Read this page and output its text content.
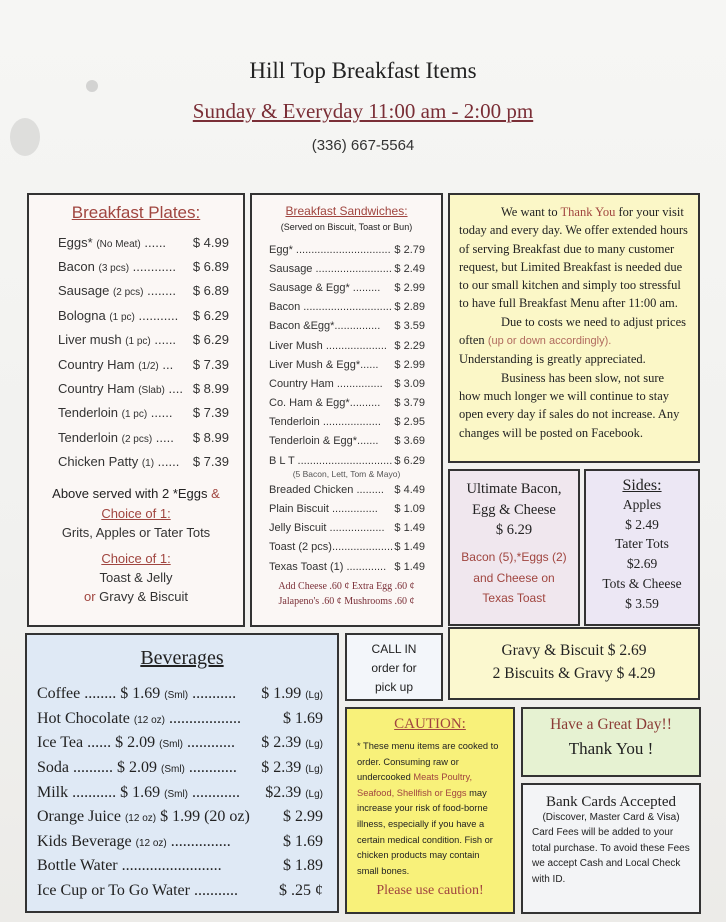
Hill Top Breakfast Items
Sunday & Everyday 11:00 am - 2:00 pm
(336) 667-5564
Breakfast Plates:
Eggs* (No Meat) ...... $ 4.99
Bacon (3 pcs) ............ $ 6.89
Sausage (2 pcs) ........ $ 6.89
Bologna (1 pc) ........... $ 6.29
Liver mush (1 pc) ...... $ 6.29
Country Ham (1/2) ... $ 7.39
Country Ham (Slab) .... $ 8.99
Tenderloin (1 pc) ...... $ 7.39
Tenderloin (2 pcs) ..... $ 8.99
Chicken Patty (1) ...... $ 7.39
Above served with 2 *Eggs &
Choice of 1:
Grits, Apples or Tater Tots
Choice of 1:
Toast & Jelly
or Gravy & Biscuit
Breakfast Sandwiches:
(Served on Biscuit, Toast or Bun)
Egg* ............................... $ 2.79
Sausage ......................... $ 2.49
Sausage & Egg* ......... $ 2.99
Bacon ............................. $ 2.89
Bacon &Egg*............... $ 3.59
Liver Mush .................... $ 2.29
Liver Mush & Egg*...... $ 2.99
Country Ham ............... $ 3.09
Co. Ham & Egg*.......... $ 3.79
Tenderloin ................... $ 2.95
Tenderloin & Egg*....... $ 3.69
B L T ............................... $ 6.29
(5 Bacon, Lett, Tom & Mayo)
Breaded Chicken ......... $ 4.49
Plain Biscuit ............... $ 1.09
Jelly Biscuit .................. $ 1.49
Toast (2 pcs).................... $ 1.49
Texas Toast (1) ............. $ 1.49
Add Cheese .60 ¢ Extra Egg .60 ¢
Jalapeno's .60 ¢ Mushrooms .60 ¢

We want to Thank You for your visit today and every day. We offer extended hours of serving Breakfast due to many customer request, but Limited Breakfast is needed due to our small kitchen and simply too stressful to have full Breakfast Menu after 11:00 am.

Due to costs we need to adjust prices often (up or down accordingly). Understanding is greatly appreciated.

Business has been slow, not sure how much longer we will continue to stay open every day if sales do not increase. Any changes will be posted on Facebook.

Ultimate Bacon,
Egg & Cheese
$ 6.29
Bacon (5),*Eggs (2)
and Cheese on
Texas Toast
Sides:
Apples
$ 2.49
Tater Tots
$2.69
Tots & Cheese
$ 3.59
Beverages
Coffee ........ $ 1.69 (Sml) ........... $ 1.99 (Lg)
Hot Chocolate (12 oz) ..................	$ 1.69
Ice Tea ...... $ 2.09 (Sml) ............ $ 2.39 (Lg)
Soda .......... $ 2.09 (Sml) ............ $ 2.39 (Lg)
Milk ........... $ 1.69 (Sml) ............ $2.39 (Lg)
Orange Juice (12 oz) $ 1.99 (20 oz) $ 2.99
Kids Beverage (12 oz) ...............	$ 1.69
Bottle Water .........................	$ 1.89
Ice Cup or To Go Water ...........	$ .25 ¢
CALL IN
order for
pick up
Gravy & Biscuit $ 2.69
2 Biscuits & Gravy $ 4.29
CAUTION:
* These menu items are cooked to order. Consuming raw or undercooked Meats Poultry, Seafood, Shellfish or Eggs may increase your risk of food-borne illness, especially if you have a certain medical condition. Fish or chicken products may contain small bones.
Please use caution!
Have a Great Day!!
Thank You !
Bank Cards Accepted
(Discover, Master Card & Visa)
Card Fees will be added to your total purchase. To avoid these Fees we accept Cash and Local Check with ID.
